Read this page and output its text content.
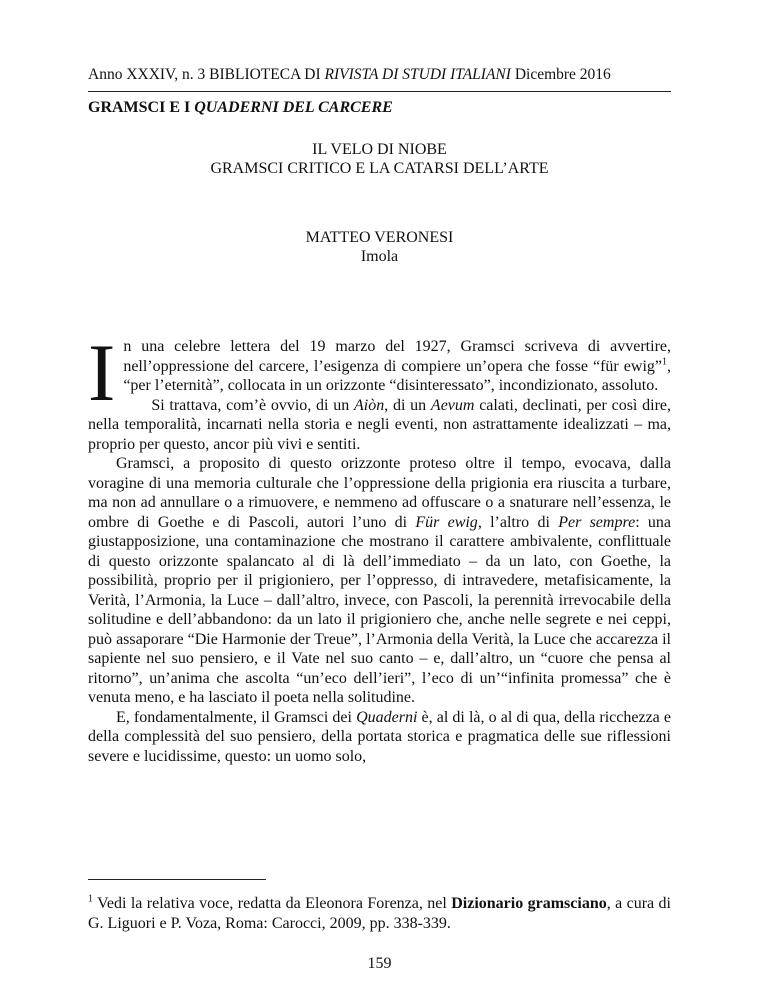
Anno XXXIV, n. 3 BIBLIOTECA DI RIVISTA DI STUDI ITALIANI Dicembre 2016
GRAMSCI E I QUADERNI DEL CARCERE
IL VELO DI NIOBE
GRAMSCI CRITICO E LA CATARSI DELL’ARTE
MATTEO VERONESI
Imola

In una celebre lettera del 19 marzo del 1927, Gramsci scriveva di avvertire, nell’oppressione del carcere, l’esigenza di compiere un’opera che fosse “für ewig”$^1$, “per l’eternità”, collocata in un orizzonte “disinteressato”, incondizionato, assoluto.

Si trattava, com’è ovvio, di un Aiòn, di un Aevum calati, declinati, per così dire, nella temporalità, incarnati nella storia e negli eventi, non astrattamente idealizzati – ma, proprio per questo, ancor più vivi e sentiti.

Gramsci, a proposito di questo orizzonte proteso oltre il tempo, evocava, dalla voragine di una memoria culturale che l’oppressione della prigionia era riuscita a turbare, ma non ad annullare o a rimuovere, e nemmeno ad offuscare o a snaturare nell’essenza, le ombre di Goethe e di Pascoli, autori l’uno di Für ewig, l’altro di Per sempre: una giustapposizione, una contaminazione che mostrano il carattere ambivalente, conflittuale di questo orizzonte spalancato al di là dell’immediato – da un lato, con Goethe, la possibilità, proprio per il prigioniero, per l’oppresso, di intravedere, metafisicamente, la Verità, l’Armonia, la Luce – dall’altro, invece, con Pascoli, la perennità irrevocabile della solitudine e dell’abbandono: da un lato il prigioniero che, anche nelle segrete e nei ceppi, può assaporare “Die Harmonie der Treue”, l’Armonia della Verità, la Luce che accarezza il sapiente nel suo pensiero, e il Vate nel suo canto – e, dall’altro, un “cuore che pensa al ritorno”, un’anima che ascolta “un’eco dell’ieri”, l’eco di un’“infinita promessa” che è venuta meno, e ha lasciato il poeta nella solitudine.

E, fondamentalmente, il Gramsci dei Quaderni è, al di là, o al di qua, della ricchezza e della complessità del suo pensiero, della portata storica e pragmatica delle sue riflessioni severe e lucidissime, questo: un uomo solo,

$^1$ Vedi la relativa voce, redatta da Eleonora Forenza, nel Dizionario gramsciano, a cura di G. Liguori e P. Voza, Roma: Carocci, 2009, pp. 338-339.
159
